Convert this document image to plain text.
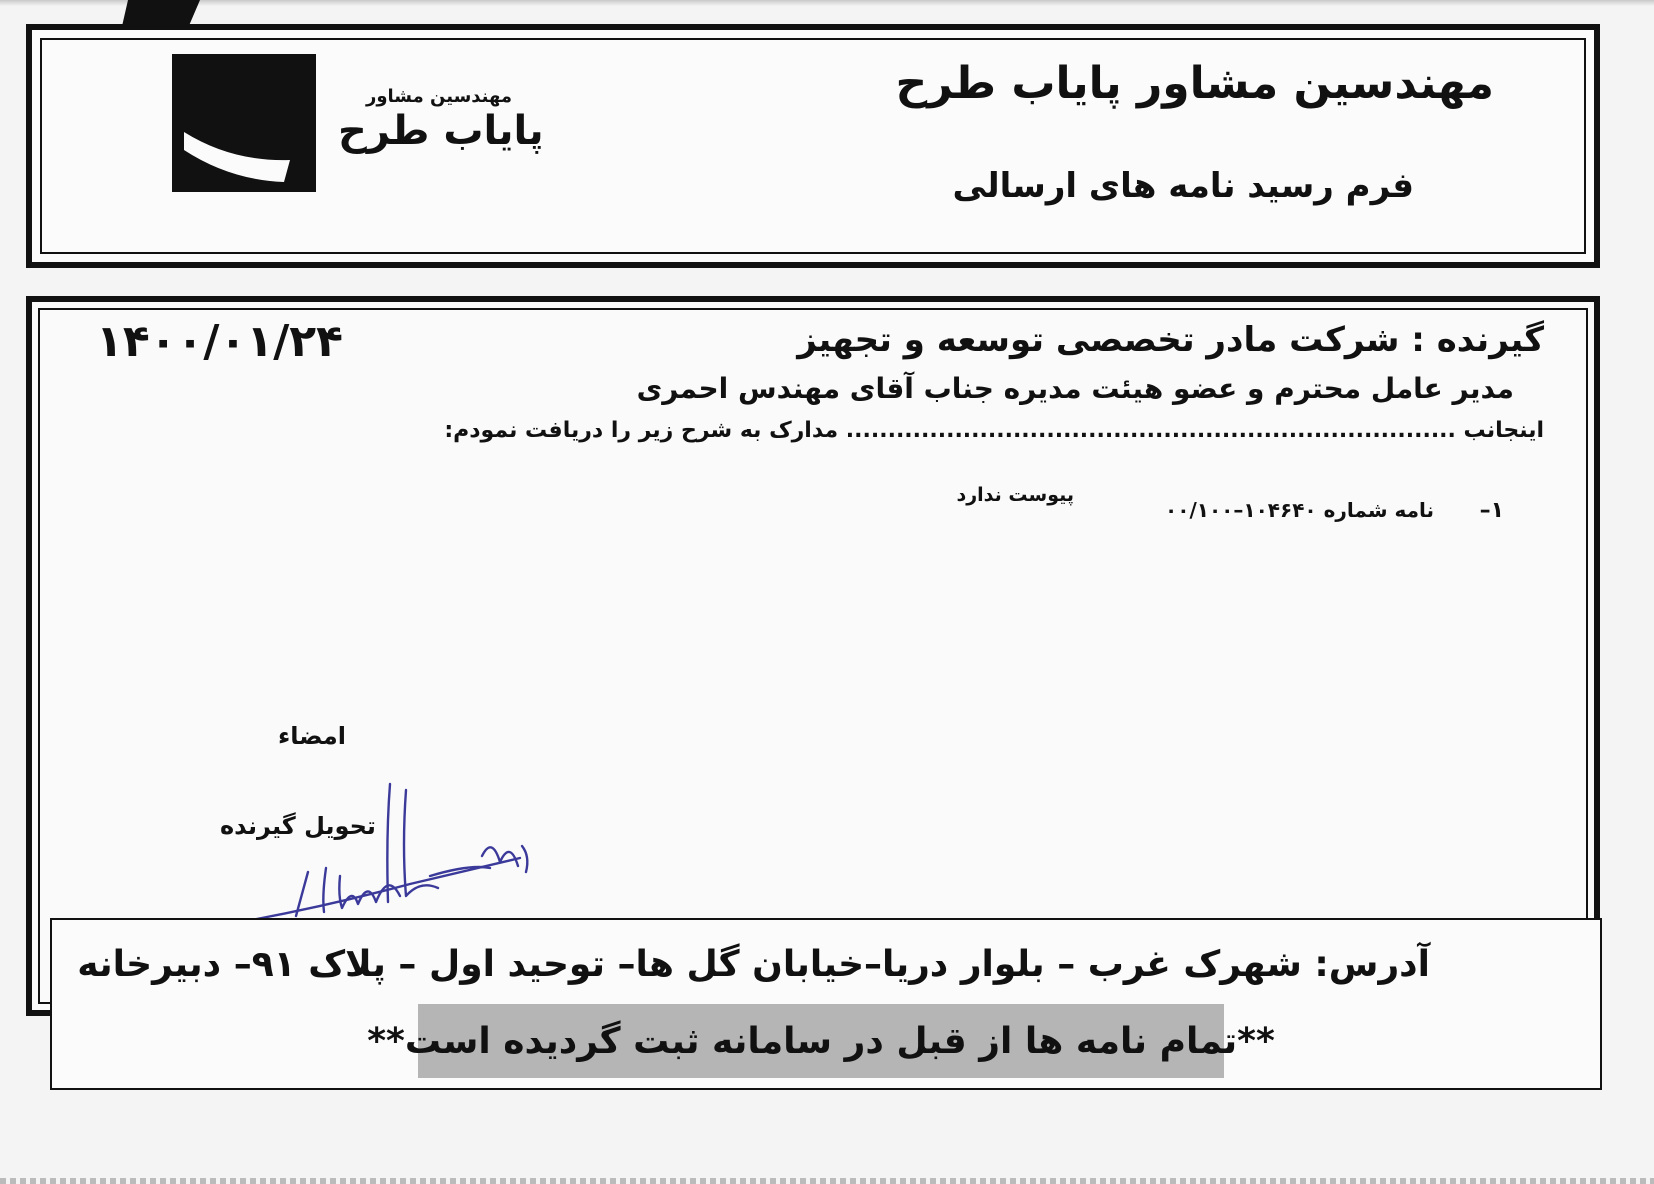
مهندسین مشاور پایاب طرح
فرم رسید نامه های ارسالی
مهندسین مشاور
پایاب طرح
۱۴۰۰/۰۱/۲۴	گیرنده : شرکت مادر تخصصی توسعه و تجهیز
مدیر عامل محترم و عضو هیئت مدیره جناب آقای مهندس احمری
اینجانب ......................................................................... مدارک به شرح زیر را دریافت نمودم:
۱–
نامه شماره ۱۰۴۶۴۰–۰۰/۱۰۰
پیوست ندارد
امضاء
تحویل گیرنده
آدرس: شهرک غرب – بلوار دریا–خیابان گل ها– توحید اول – پلاک ۹۱– دبیرخانه
**تمام نامه ها از قبل در سامانه ثبت گردیده است**
